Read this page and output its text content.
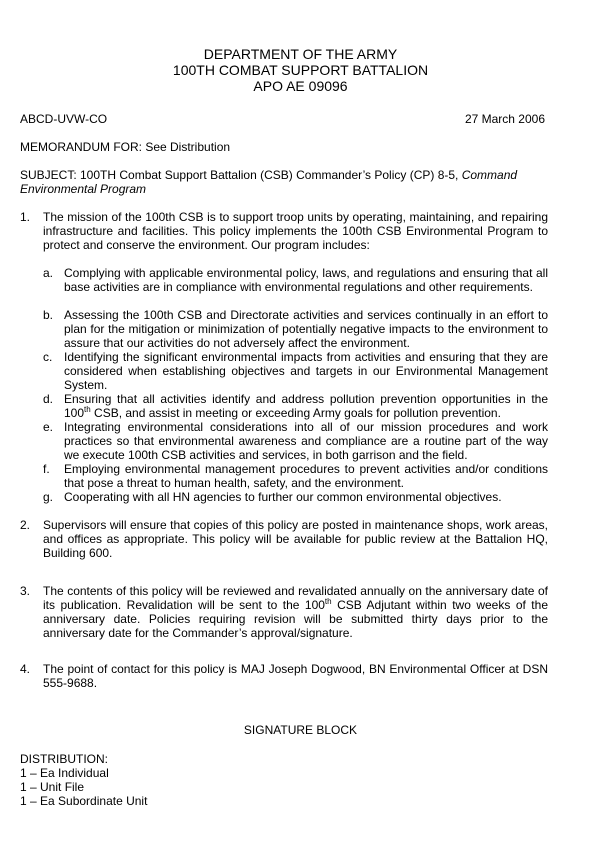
DEPARTMENT OF THE ARMY
100TH COMBAT SUPPORT BATTALION
APO AE 09096
ABCD-UVW-CO	27 March 2006
MEMORANDUM FOR: See Distribution
SUBJECT: 100TH Combat Support Battalion (CSB) Commander’s Policy (CP) 8-5, Command Environmental Program
1.	The mission of the 100th CSB is to support troop units by operating, maintaining, and repairing infrastructure and facilities. This policy implements the 100th CSB Environmental Program to protect and conserve the environment. Our program includes:
a. Complying with applicable environmental policy, laws, and regulations and ensuring that all base activities are in compliance with environmental regulations and other requirements.
b. Assessing the 100th CSB and Directorate activities and services continually in an effort to plan for the mitigation or minimization of potentially negative impacts to the environment to assure that our activities do not adversely affect the environment.
c. Identifying the significant environmental impacts from activities and ensuring that they are considered when establishing objectives and targets in our Environmental Management System.
d. Ensuring that all activities identify and address pollution prevention opportunities in the 100th CSB, and assist in meeting or exceeding Army goals for pollution prevention.
e. Integrating environmental considerations into all of our mission procedures and work practices so that environmental awareness and compliance are a routine part of the way we execute 100th CSB activities and services, in both garrison and the field.
f.	Employing environmental management procedures to prevent activities and/or conditions that pose a threat to human health, safety, and the environment.
g. Cooperating with all HN agencies to further our common environmental objectives.
2.	Supervisors will ensure that copies of this policy are posted in maintenance shops, work areas, and offices as appropriate. This policy will be available for public review at the Battalion HQ, Building 600.
3.	The contents of this policy will be reviewed and revalidated annually on the anniversary date of its publication. Revalidation will be sent to the 100th CSB Adjutant within two weeks of the anniversary date. Policies requiring revision will be submitted thirty days prior to the anniversary date for the Commander’s approval/signature.
4.	The point of contact for this policy is MAJ Joseph Dogwood, BN Environmental Officer at DSN 555-9688.
SIGNATURE BLOCK
DISTRIBUTION:
1 – Ea Individual
1 – Unit File
1 – Ea Subordinate Unit
